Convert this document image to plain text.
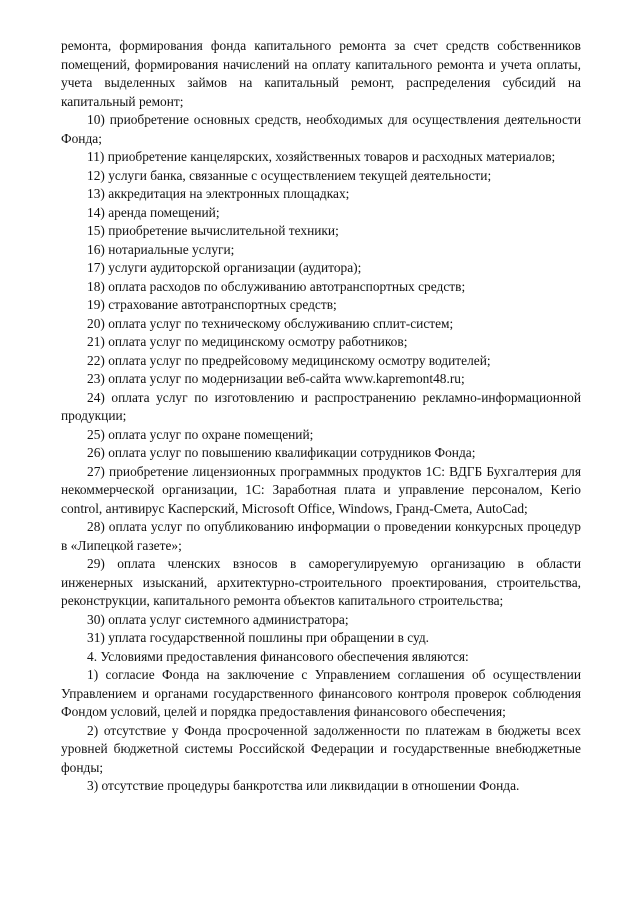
ремонта, формирования фонда капитального ремонта за счет средств собственников помещений, формирования начислений на оплату капитального ремонта и учета оплаты, учета выделенных займов на капитальный ремонт, распределения субсидий на капитальный ремонт;

10) приобретение основных средств, необходимых для осуществления деятельности Фонда;

11) приобретение канцелярских, хозяйственных товаров и расходных материалов;

12) услуги банка, связанные с осуществлением текущей деятельности;

13) аккредитация на электронных площадках;

14) аренда помещений;

15) приобретение вычислительной техники;

16) нотариальные услуги;

17) услуги аудиторской организации (аудитора);

18) оплата расходов по обслуживанию автотранспортных средств;

19) страхование автотранспортных средств;

20) оплата услуг по техническому обслуживанию сплит-систем;

21) оплата услуг по медицинскому осмотру работников;

22) оплата услуг по предрейсовому медицинскому осмотру водителей;

23) оплата услуг по модернизации веб-сайта www.kapremont48.ru;

24) оплата услуг по изготовлению и распространению рекламно-информационной продукции;

25) оплата услуг по охране помещений;

26) оплата услуг по повышению квалификации сотрудников Фонда;

27) приобретение лицензионных программных продуктов 1С: ВДГБ Бухгалтерия для некоммерческой организации, 1С: Заработная плата и управление персоналом, Kerio control, антивирус Касперский, Microsoft Office, Windows, Гранд-Смета, AutoCad;

28) оплата услуг по опубликованию информации о проведении конкурсных процедур в «Липецкой газете»;

29) оплата членских взносов в саморегулируемую организацию в области инженерных изысканий, архитектурно-строительного проектирования, строительства, реконструкции, капитального ремонта объектов капитального строительства;

30) оплата услуг системного администратора;

31) уплата государственной пошлины при обращении в суд.

4. Условиями предоставления финансового обеспечения являются:

1) согласие Фонда на заключение с Управлением соглашения об осуществлении Управлением и органами государственного финансового контроля проверок соблюдения Фондом условий, целей и порядка предоставления финансового обеспечения;

2) отсутствие у Фонда просроченной задолженности по платежам в бюджеты всех уровней бюджетной системы Российской Федерации и государственные внебюджетные фонды;

3) отсутствие процедуры банкротства или ликвидации в отношении Фонда.
